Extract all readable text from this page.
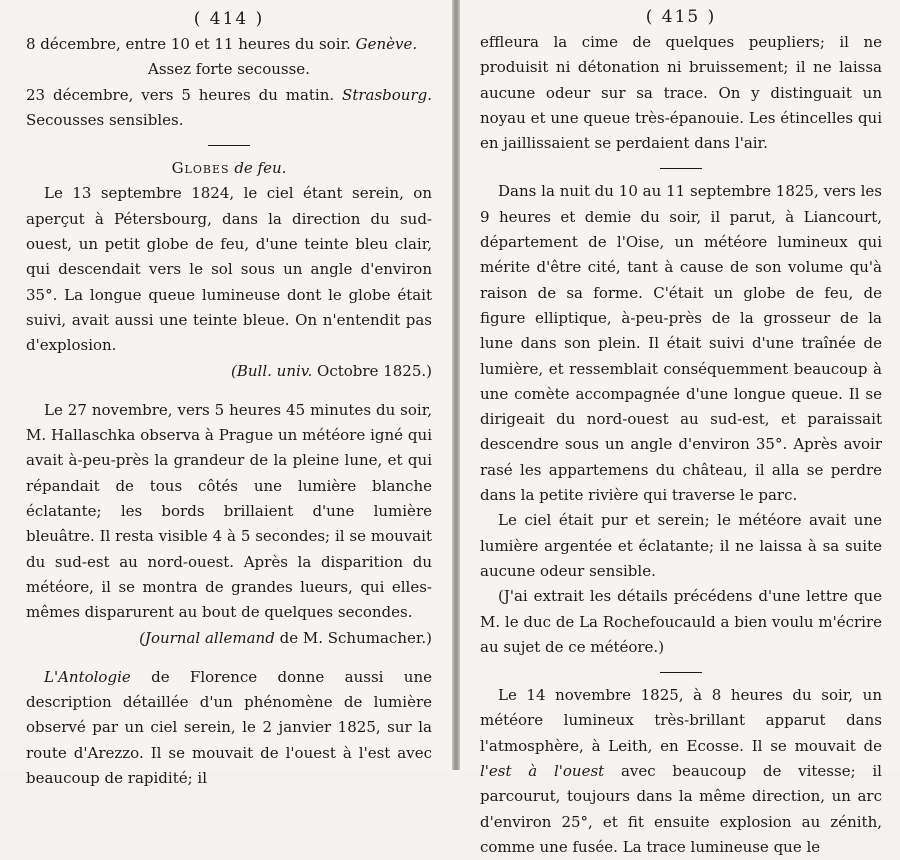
( 414 )

8 décembre, entre 10 et 11 heures du soir. Genève.

Assez forte secousse.

23 décembre, vers 5 heures du matin. Strasbourg. Secousses sensibles.

Globes de feu.

Le 13 septembre 1824, le ciel étant serein, on aperçut à Pétersbourg, dans la direction du sud-ouest, un petit globe de feu, d'une teinte bleu clair, qui descendait vers le sol sous un angle d'environ 35°. La longue queue lumineuse dont le globe était suivi, avait aussi une teinte bleue. On n'entendit pas d'explosion.

(Bull. univ. Octobre 1825.)

Le 27 novembre, vers 5 heures 45 minutes du soir, M. Hallaschka observa à Prague un météore igné qui avait à-peu-près la grandeur de la pleine lune, et qui répandait de tous côtés une lumière blanche éclatante; les bords brillaient d'une lumière bleuâtre. Il resta visible 4 à 5 secondes; il se mouvait du sud-est au nord-ouest. Après la disparition du météore, il se montra de grandes lueurs, qui elles-mêmes disparurent au bout de quelques secondes.

(Journal allemand de M. Schumacher.)

L'Antologie de Florence donne aussi une description détaillée d'un phénomène de lumière observé par un ciel serein, le 2 janvier 1825, sur la route d'Arezzo. Il se mouvait de l'ouest à l'est avec beaucoup de rapidité; il

( 415 )

effleura la cime de quelques peupliers; il ne produisit ni détonation ni bruissement; il ne laissa aucune odeur sur sa trace. On y distinguait un noyau et une queue très-épanouie. Les étincelles qui en jaillissaient se perdaient dans l'air.

Dans la nuit du 10 au 11 septembre 1825, vers les 9 heures et demie du soir, il parut, à Liancourt, département de l'Oise, un météore lumineux qui mérite d'être cité, tant à cause de son volume qu'à raison de sa forme. C'était un globe de feu, de figure elliptique, à-peu-près de la grosseur de la lune dans son plein. Il était suivi d'une traînée de lumière, et ressemblait conséquemment beaucoup à une comète accompagnée d'une longue queue. Il se dirigeait du nord-ouest au sud-est, et paraissait descendre sous un angle d'environ 35°. Après avoir rasé les appartemens du château, il alla se perdre dans la petite rivière qui traverse le parc.

Le ciel était pur et serein; le météore avait une lumière argentée et éclatante; il ne laissa à sa suite aucune odeur sensible.

(J'ai extrait les détails précédens d'une lettre que M. le duc de La Rochefoucauld a bien voulu m'écrire au sujet de ce météore.)

Le 14 novembre 1825, à 8 heures du soir, un météore lumineux très-brillant apparut dans l'atmosphère, à Leith, en Ecosse. Il se mouvait de l'est à l'ouest avec beaucoup de vitesse; il parcourut, toujours dans la même direction, un arc d'environ 25°, et fit ensuite explosion au zénith, comme une fusée. La trace lumineuse que le
